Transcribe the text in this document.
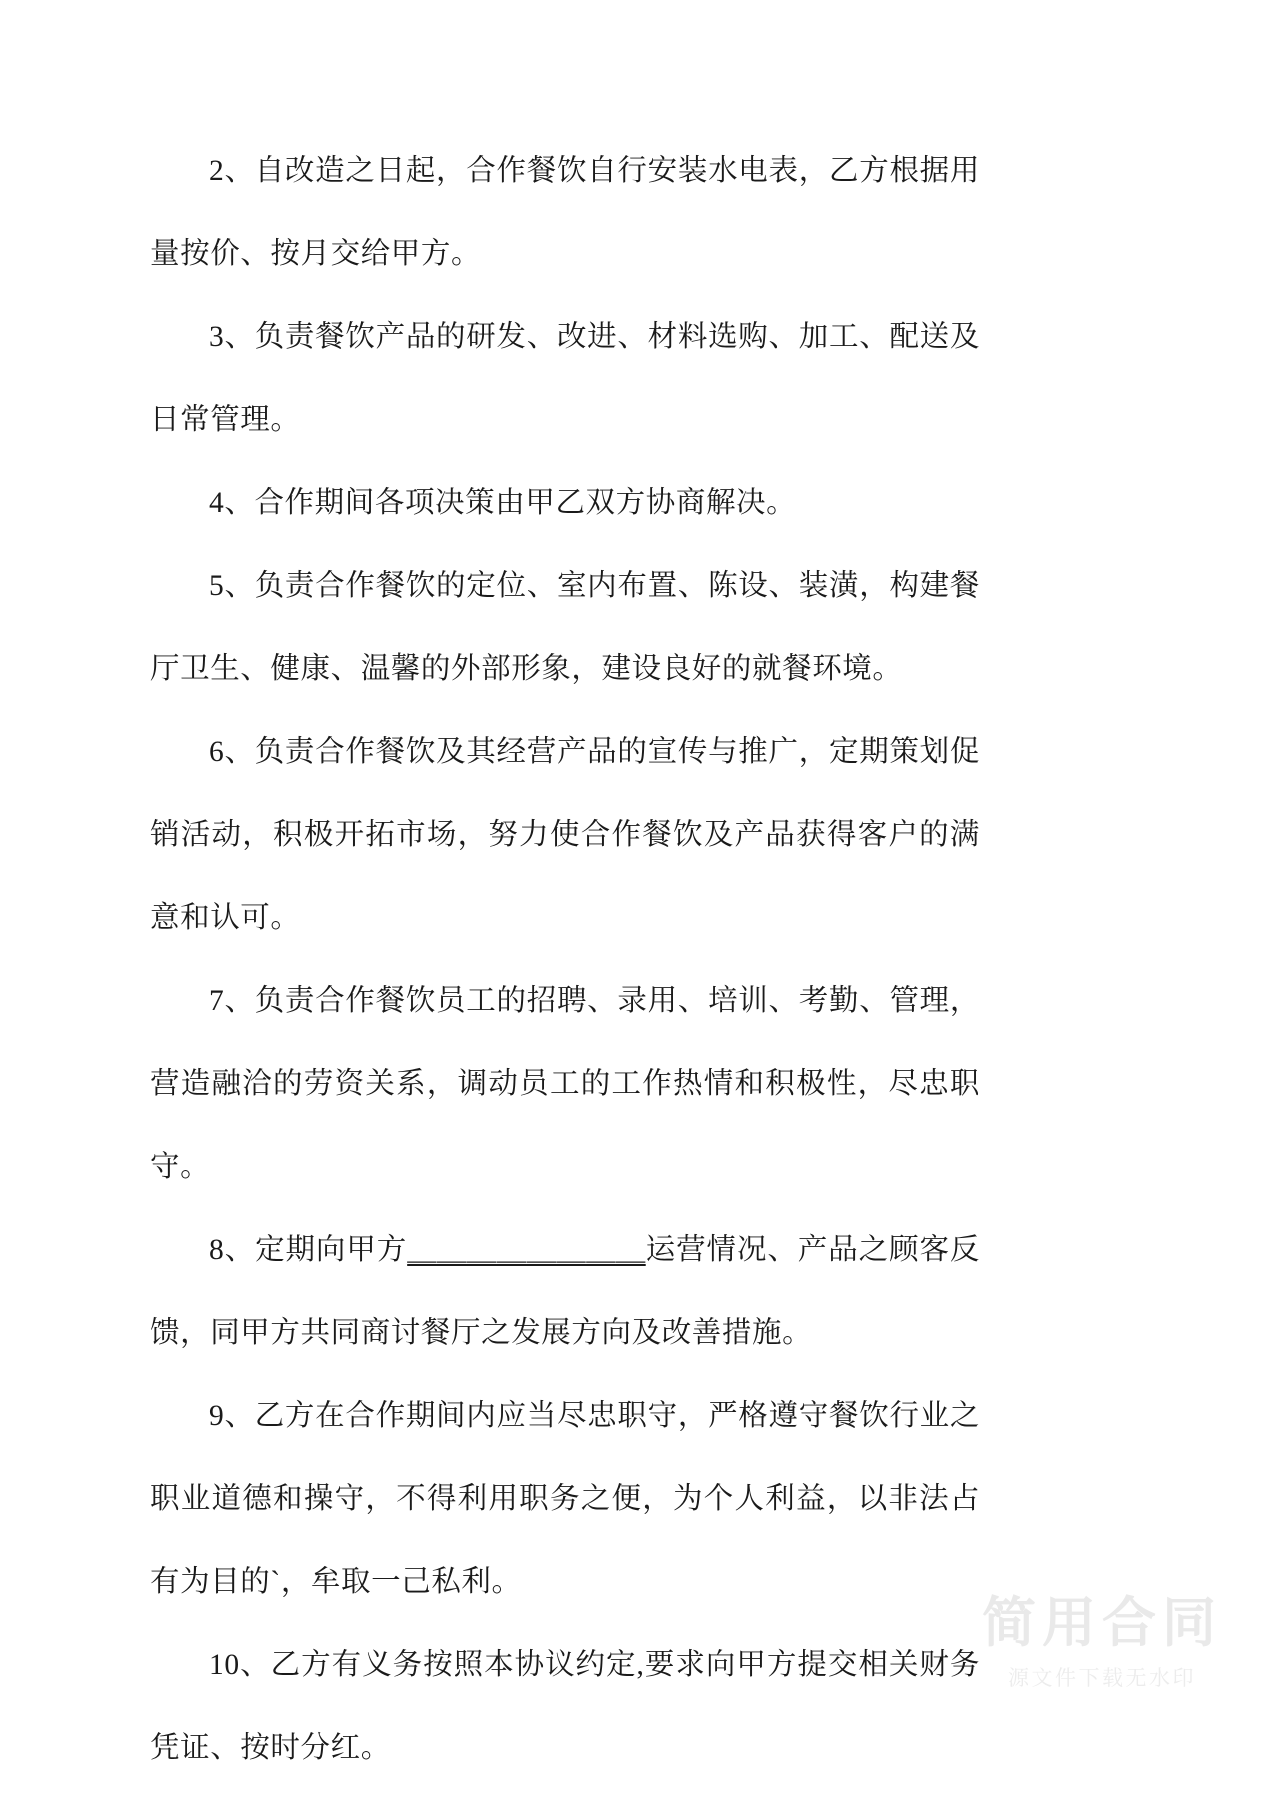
2、自改造之日起，合作餐饮自行安装水电表，乙方根据用量按价、按月交给甲方。

3、负责餐饮产品的研发、改进、材料选购、加工、配送及日常管理。

4、合作期间各项决策由甲乙双方协商解决。

5、负责合作餐饮的定位、室内布置、陈设、装潢，构建餐厅卫生、健康、温馨的外部形象，建设良好的就餐环境。

6、负责合作餐饮及其经营产品的宣传与推广，定期策划促销活动，积极开拓市场，努力使合作餐饮及产品获得客户的满意和认可。

7、负责合作餐饮员工的招聘、录用、培训、考勤、管理，营造融洽的劳资关系，调动员工的工作热情和积极性，尽忠职守。

8、定期向甲方＿＿＿＿＿＿＿＿运营情况、产品之顾客反馈，同甲方共同商讨餐厅之发展方向及改善措施。

9、乙方在合作期间内应当尽忠职守，严格遵守餐饮行业之职业道德和操守，不得利用职务之便，为个人利益，以非法占有为目的`，牟取一己私利。

10、乙方有义务按照本协议约定,要求向甲方提交相关财务凭证、按时分红。

简用合同
源文件下载无水印
